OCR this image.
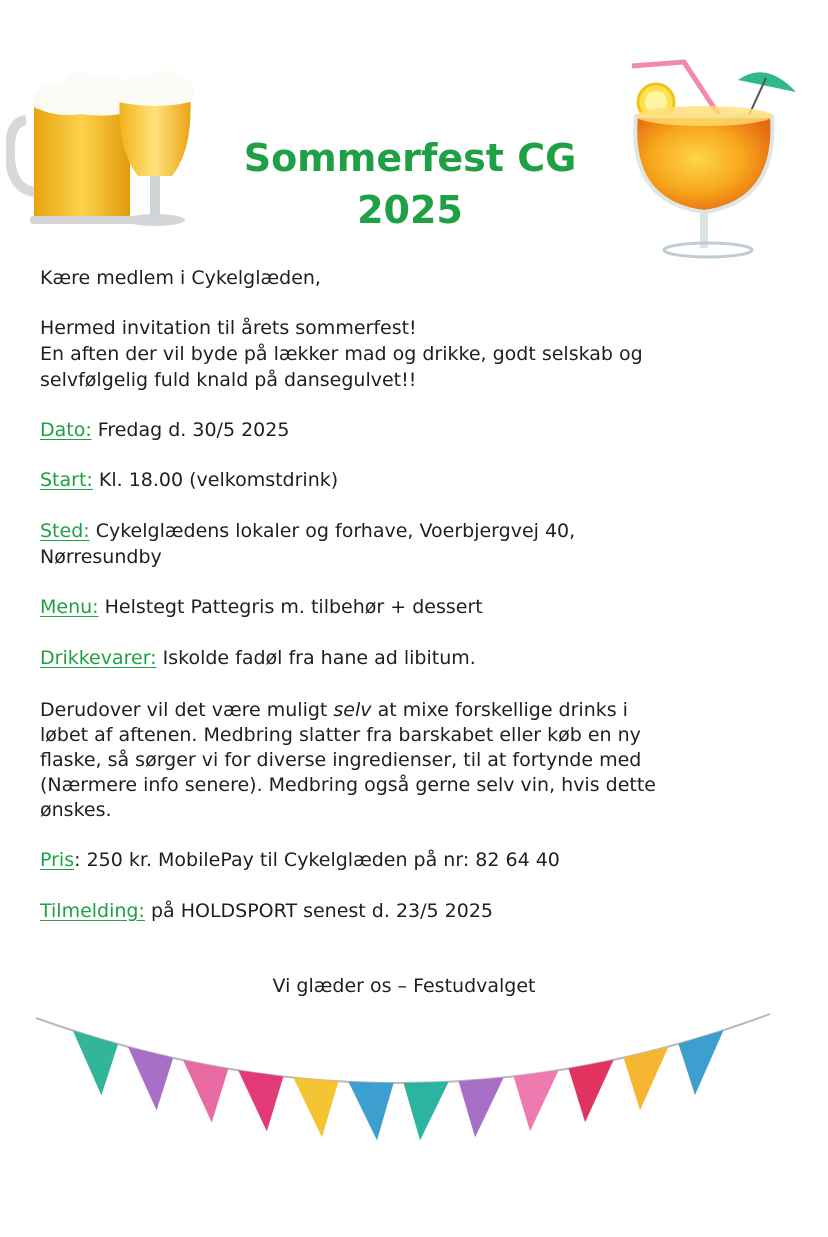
Sommerfest CG
2025

Kære medlem i Cykelglæden,

Hermed invitation til årets sommerfest!

En aften der vil byde på lækker mad og drikke, godt selskab og

selvfølgelig fuld knald på dansegulvet!!

Dato: Fredag d. 30/5 2025

Start: Kl. 18.00 (velkomstdrink)

Sted: Cykelglædens lokaler og forhave, Voerbjergvej 40,

Nørresundby

Menu: Helstegt Pattegris m. tilbehør + dessert

Drikkevarer: Iskolde fadøl fra hane ad libitum.

Derudover vil det være muligt selv at mixe forskellige drinks i

løbet af aftenen. Medbring slatter fra barskabet eller køb en ny

flaske, så sørger vi for diverse ingredienser, til at fortynde med

(Nærmere info senere). Medbring også gerne selv vin, hvis dette

ønskes.

Pris: 250 kr. MobilePay til Cykelglæden på nr: 82 64 40

Tilmelding: på HOLDSPORT senest d. 23/5 2025

Vi glæder os – Festudvalget
